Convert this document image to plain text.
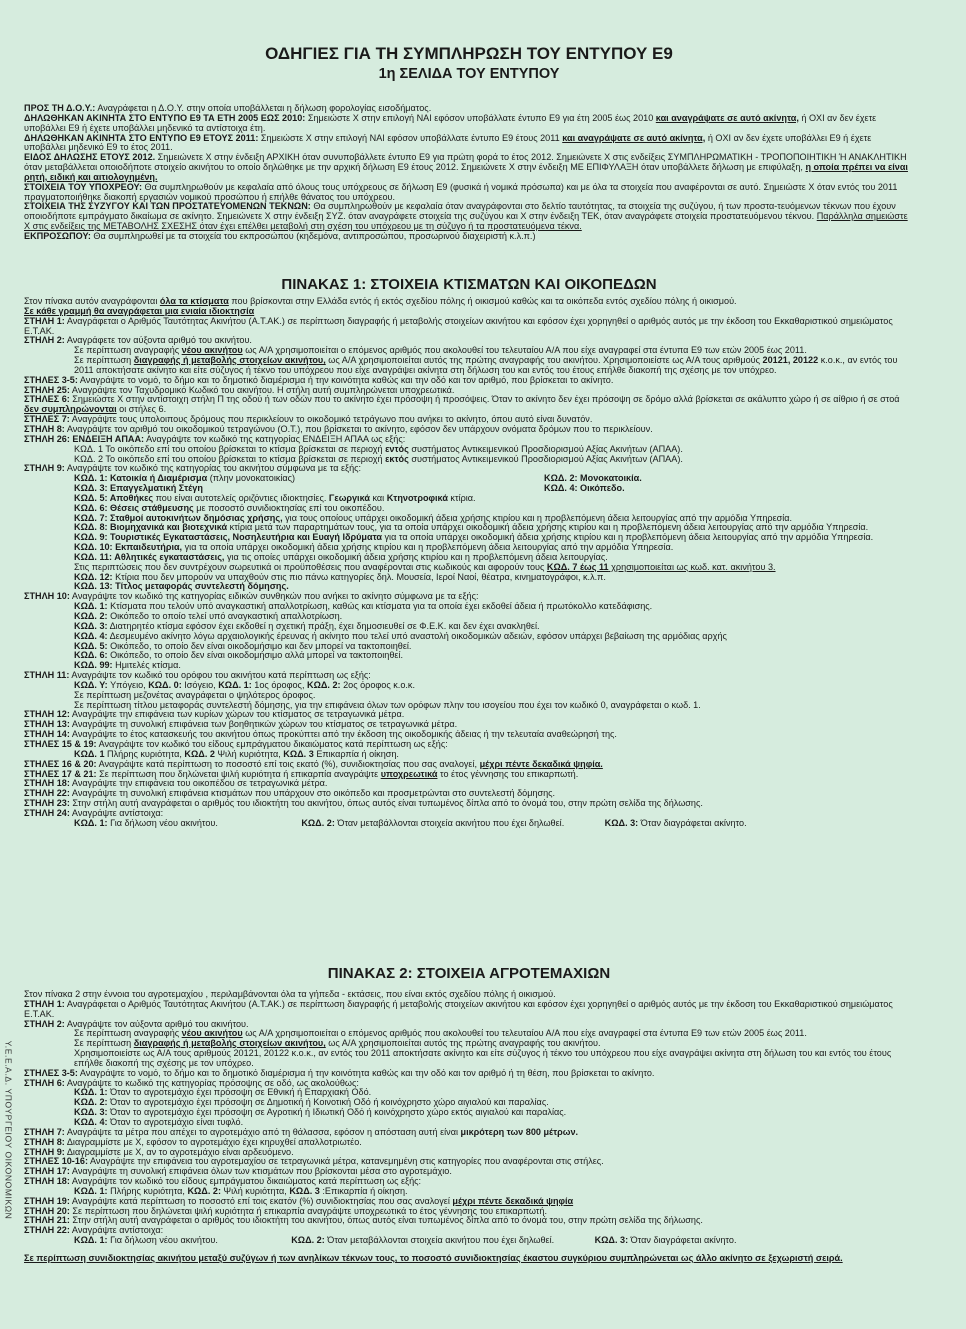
ΟΔΗΓΙΕΣ ΓΙΑ ΤΗ ΣΥΜΠΛΗΡΩΣΗ ΤΟΥ ΕΝΤΥΠΟΥ Ε9
1η ΣΕΛΙΔΑ ΤΟΥ ΕΝΤΥΠΟΥ

ΠΡΟΣ ΤΗ Δ.Ο.Υ.: Αναγράφεται η Δ.Ο.Υ. στην οποία υποβάλλεται η δήλωση φορολογίας εισοδήματος.

ΔΗΛΩΘΗΚΑΝ ΑΚΙΝΗΤΑ ΣΤΟ ΕΝΤΥΠΟ Ε9 ΤΑ ΕΤΗ 2005 ΕΩΣ 2010: Σημειώστε Χ στην επιλογή ΝΑΙ εφόσον υποβάλλατε έντυπο Ε9 για έτη 2005 έως 2010 και αναγράψατε σε αυτό ακίνητα, ή ΟΧΙ αν δεν έχετε υποβάλλει Ε9 ή έχετε υποβάλλει μηδενικό τα αντίστοιχα έτη.

ΔΗΛΩΘΗΚΑΝ ΑΚΙΝΗΤΑ ΣΤΟ ΕΝΤΥΠΟ Ε9 ΕΤΟΥΣ 2011: Σημειώστε Χ στην επιλογή ΝΑΙ εφόσον υποβάλλατε έντυπο Ε9 έτους 2011 και αναγράψατε σε αυτό ακίνητα, ή ΟΧΙ αν δεν έχετε υποβάλλει Ε9 ή έχετε υποβάλλει μηδενικό Ε9 το έτος 2011.

ΕΙΔΟΣ ΔΗΛΩΣΗΣ ΕΤΟΥΣ 2012. Σημειώνετε Χ στην ένδειξη ΑΡΧΙΚΗ όταν συνυποβάλλετε έντυπο Ε9 για πρώτη φορά το έτος 2012. Σημειώνετε Χ στις ενδείξεις ΣΥΜΠΛΗΡΩΜΑΤΙΚΗ - ΤΡΟΠΟΠΟΙΗΤΙΚΗ Ή ΑΝΑΚΛΗΤΙΚΗ όταν μεταβάλλεται οποιοδήποτε στοιχείο ακινήτου το οποίο δηλώθηκε με την αρχική δήλωση Ε9 έτους 2012. Σημειώνετε Χ στην ένδειξη ΜΕ ΕΠΙΦΥΛΑΞΗ όταν υποβάλλετε δήλωση με επιφύλαξη, η οποία πρέπει να είναι ρητή, ειδική και αιτιολογημένη.

ΣΤΟΙΧΕΙΑ ΤΟΥ ΥΠΟΧΡΕΟΥ: Θα συμπληρωθούν με κεφαλαία από όλους τους υπόχρεους σε δήλωση Ε9 (φυσικά ή νομικά πρόσωπα) και με όλα τα στοιχεία που αναφέρονται σε αυτό. Σημειώστε Χ όταν εντός του 2011 πραγματοποιήθηκε διακοπή εργασιών νομικού προσώπου ή επήλθε θάνατος του υπόχρεου.

ΣΤΟΙΧΕΙΑ ΤΗΣ ΣΥΖΥΓΟΥ ΚΑΙ ΤΩΝ ΠΡΟΣΤΑΤΕΥΟΜΕΝΩΝ ΤΕΚΝΩΝ: Θα συμπληρωθούν με κεφαλαία όταν αναγράφονται στο δελτίο ταυτότητας, τα στοιχεία της συζύγου, ή των προστα-τευόμενων τέκνων που έχουν οποιοδήποτε εμπράγματο δικαίωμα σε ακίνητο. Σημειώνετε Χ στην ένδειξη ΣΥΖ. όταν αναγράφετε στοιχεία της συζύγου και Χ στην ένδειξη ΤΕΚ, όταν αναγράφετε στοιχεία προστατευόμενου τέκνου. Παράλληλα σημειώστε Χ στις ενδείξεις της ΜΕΤΑΒΟΛΗΣ ΣΧΕΣΗΣ όταν έχει επέλθει μεταβολή στη σχέση του υπόχρεου με τη σύζυγο ή τα προστατευόμενα τέκνα.

ΕΚΠΡΟΣΩΠΟΥ: Θα συμπληρωθεί με τα στοιχεία του εκπροσώπου (κηδεμόνα, αντιπροσώπου, προσωρινού διαχειριστή κ.λ.π.)

ΠΙΝΑΚΑΣ 1: ΣΤΟΙΧΕΙΑ ΚΤΙΣΜΑΤΩΝ ΚΑΙ ΟΙΚΟΠΕΔΩΝ

Στον πίνακα αυτόν αναγράφονται όλα τα κτίσματα που βρίσκονται στην Ελλάδα εντός ή εκτός σχεδίου πόλης ή οικισμού καθώς και τα οικόπεδα εντός σχεδίου πόλης ή οικισμού.

Σε κάθε γραμμή θα αναγράφεται μια ενιαία ιδιοκτησία

ΣΤΗΛΗ 1: Αναγράφεται ο Αριθμός Ταυτότητας Ακινήτου (Α.Τ.ΑΚ.) σε περίπτωση διαγραφής ή μεταβολής στοιχείων ακινήτου και εφόσον έχει χορηγηθεί ο αριθμός αυτός με την έκδοση του Εκκαθαριστικού σημειώματος Ε.Τ.ΑΚ.

ΣΤΗΛΗ 2: Αναγράφετε τον αύξοντα αριθμό του ακινήτου.

Σε περίπτωση αναγραφής νέου ακινήτου ως Α/Α χρησιμοποιείται ο επόμενος αριθμός που ακολουθεί του τελευταίου Α/Α που είχε αναγραφεί στα έντυπα Ε9 των ετών 2005 έως 2011.

Σε περίπτωση διαγραφής ή μεταβολής στοιχείων ακινήτου, ως Α/Α χρησιμοποιείται αυτός της πρώτης αναγραφής του ακινήτου. Χρησιμοποιείστε ως Α/Α τους αριθμούς 20121, 20122 κ.ο.κ., αν εντός του 2011 αποκτήσατε ακίνητο και είτε σύζυγος ή τέκνο του υπόχρεου που είχε αναγράψει ακίνητα στη δήλωση του και εντός του έτους επήλθε διακοπή της σχέσης με τον υπόχρεο.

ΣΤΗΛΕΣ 3-5: Αναγράψτε το νομό, το δήμο και το δημοτικό διαμέρισμα ή την κοινότητα καθώς και την οδό και τον αριθμό, που βρίσκεται το ακίνητο.

ΣΤΗΛΗ 25: Αναγράψτε τον Ταχυδρομικό Κωδικό του ακινήτου. Η στήλη αυτή συμπληρώνεται υποχρεωτικά.

ΣΤΗΛΕΣ 6: Σημειώστε Χ στην αντίστοιχη στήλη Π της οδού ή των οδών που το ακίνητο έχει πρόσοψη ή προσόψεις. Όταν το ακίνητο δεν έχει πρόσοψη σε δρόμο αλλά βρίσκεται σε ακάλυπτο χώρο ή σε αίθριο ή σε στοά δεν συμπληρώνονται οι στήλες 6.

ΣΤΗΛΕΣ 7: Αναγράψτε τους υπολοιπους δρόμους που περικλείουν το οικοδομικό τετράγωνο που ανήκει το ακίνητο, όπου αυτό είναι δυνατόν.

ΣΤΗΛΗ 8: Αναγράψτε τον αριθμό του οικοδομικού τετραγώνου (Ο.Τ.), που βρίσκεται το ακίνητο, εφόσον δεν υπάρχουν ονόματα δρόμων που το περικλείουν.

ΣΤΗΛΗ 26: ΕΝΔΕΙΞΗ ΑΠΑΑ: Αναγράψτε τον κωδικό της κατηγορίας ΕΝΔΕΙΞΗ ΑΠΑΑ ως εξής:

ΚΩΔ. 1 Το οικόπεδο επί του οποίου βρίσκεται το κτίσμα βρίσκεται σε περιοχή εντός συστήματος Αντικειμενικού Προσδιορισμού Αξίας Ακινήτων (ΑΠΑΑ).

ΚΩΔ. 2 Το οικόπεδο επί του οποίου βρίσκεται το κτίσμα βρίσκεται σε περιοχή εκτός συστήματος Αντικειμενικού Προσδιορισμού Αξίας Ακινήτων (ΑΠΑΑ).

ΣΤΗΛΗ 9: Αναγράψτε τον κωδικό της κατηγορίας του ακινήτου σύμφωνα με τα εξής:

ΚΩΔ. 1: Κατοικία ή Διαμέρισμα (πλην μονοκατοικίας)	ΚΩΔ. 2: Μονοκατοικία.

ΚΩΔ. 3: Επαγγελματική Στέγη	ΚΩΔ. 4: Οικόπεδο.

ΚΩΔ. 5: Αποθήκες που είναι αυτοτελείς οριζόντιες ιδιοκτησίες. Γεωργικά και Κτηνοτροφικά κτίρια.

ΚΩΔ. 6: Θέσεις στάθμευσης με ποσοστό συνιδιοκτησίας επί του οικοπέδου.

ΚΩΔ. 7: Σταθμοί αυτοκινήτων δημόσιας χρήσης, για τους οποίους υπάρχει οικοδομική άδεια χρήσης κτιρίου και η προβλεπόμενη άδεια λειτουργίας από την αρμόδια Υπηρεσία.

ΚΩΔ. 8: Βιομηχανικά και βιοτεχνικά κτίρια μετά των παραρτημάτων τους, για τα οποία υπάρχει οικοδομική άδεια χρήσης κτιρίου και η προβλεπόμενη άδεια λειτουργίας από την αρμόδια Υπηρεσία.

ΚΩΔ. 9: Τουριστικές Εγκαταστάσεις, Νοσηλευτήρια και Ευαγή Ιδρύματα για τα οποία υπάρχει οικοδομική άδεια χρήσης κτιρίου και η προβλεπόμενη άδεια λειτουργίας από την αρμόδια Υπηρεσία.

ΚΩΔ. 10: Εκπαιδευτήρια, για τα οποία υπάρχει οικοδομική άδεια χρήσης κτιρίου και η προβλεπόμενη άδεια λειτουργίας από την αρμόδια Υπηρεσία.

ΚΩΔ. 11: Αθλητικές εγκαταστάσεις, για τις οποίες υπάρχει οικοδομική άδεια χρήσης κτιρίου και η προβλεπόμενη άδεια λειτουργίας.

Στις περιπτώσεις που δεν συντρέχουν σωρευτικά οι προϋποθέσεις που αναφέρονται στις κωδικούς και αφορούν τους ΚΩΔ. 7 έως 11 χρησιμοποιείται ως κωδ. κατ. ακινήτου 3.

ΚΩΔ. 12: Κτίρια που δεν μπορούν να υπαχθούν στις πιο πάνω κατηγορίες δηλ. Μουσεία, Ιεροί Ναοί, θέατρα, κινηματογράφοι, κ.λ.π.

ΚΩΔ. 13: Τίτλος μεταφοράς συντελεστή δόμησης.

ΣΤΗΛΗ 10: Αναγράψτε τον κωδικό της κατηγορίας ειδικών συνθηκών που ανήκει το ακίνητο σύμφωνα με τα εξής:

ΚΩΔ. 1: Κτίσματα που τελούν υπό αναγκαστική απαλλοτρίωση, καθώς και κτίσματα για τα οποία έχει εκδοθεί άδεια ή πρωτόκολλο κατεδάφισης.

ΚΩΔ. 2: Οικόπεδο το οποίο τελεί υπό αναγκαστική απαλλοτρίωση.

ΚΩΔ. 3: Διατηρητέο κτίσμα εφόσον έχει εκδοθεί η σχετική πράξη, έχει δημοσιευθεί σε Φ.Ε.Κ. και δεν έχει ανακληθεί.

ΚΩΔ. 4: Δεσμευμένο ακίνητο λόγω αρχαιολογικής έρευνας ή ακίνητο που τελεί υπό αναστολή οικοδομικών αδειών, εφόσον υπάρχει βεβαίωση της αρμόδιας αρχής

ΚΩΔ. 5: Οικόπεδο, το οποίο δεν είναι οικοδομήσιμο και δεν μπορεί να τακτοποιηθεί.

ΚΩΔ. 6: Οικόπεδο, το οποίο δεν είναι οικοδομήσιμο αλλά μπορεί να τακτοποιηθεί.

ΚΩΔ. 99: Ημιτελές κτίσμα.

ΣΤΗΛΗ 11: Αναγράψτε τον κωδικό του ορόφου του ακινήτου κατά περίπτωση ως εξής:

ΚΩΔ. Υ: Υπόγειο, ΚΩΔ. 0: Ισόγειο, ΚΩΔ. 1: 1ος όροφος, ΚΩΔ. 2: 2ος όροφος κ.ο.κ.

Σε περίπτωση μεζονέτας αναγράφεται ο ψηλότερος όροφος.

Σε περίπτωση τίτλου μεταφοράς συντελεστή δόμησης, για την επιφάνεια όλων των ορόφων πλην του ισογείου που έχει τον κωδικό 0, αναγράφεται ο κωδ. 1.

ΣΤΗΛΗ 12: Αναγράψτε την επιφάνεια των κυρίων χώρων του κτίσματος σε τετραγωνικά μέτρα.

ΣΤΗΛΗ 13: Αναγράψτε τη συνολική επιφάνεια των βοηθητικών χώρων του κτίσματος σε τετραγωνικά μέτρα.

ΣΤΗΛΗ 14: Αναγράψτε το έτος κατασκευής του ακινήτου όπως προκύπτει από την έκδοση της οικοδομικής άδειας ή την τελευταία αναθεώρησή της.

ΣΤΗΛΕΣ 15 & 19: Αναγράψτε τον κωδικό του είδους εμπράγματου δικαιώματος κατά περίπτωση ως εξής:

ΚΩΔ. 1 Πλήρης κυριότητα, ΚΩΔ. 2 Ψιλή κυριότητα, ΚΩΔ. 3 Επικαρπία ή οίκηση.

ΣΤΗΛΕΣ 16 & 20: Αναγράψτε κατά περίπτωση το ποσοστό επί τοις εκατό (%), συνιδιοκτησίας που σας αναλογεί, μέχρι πέντε δεκαδικά ψηφία.

ΣΤΗΛΕΣ 17 & 21: Σε περίπτωση που δηλώνεται ψιλή κυριότητα ή επικαρπία αναγράψτε υποχρεωτικά το έτος γέννησης του επικαρπωτή.

ΣΤΗΛΗ 18: Αναγράψτε την επιφάνεια του οικοπέδου σε τετραγωνικά μέτρα.

ΣΤΗΛΗ 22: Αναγράψτε τη συνολική επιφάνεια κτισμάτων που υπάρχουν στο οικόπεδο και προσμετρώνται στο συντελεστή δόμησης.

ΣΤΗΛΗ 23: Στην στήλη αυτή αναγράφεται ο αριθμός του ιδιοκτήτη του ακινήτου, όπως αυτός είναι τυπωμένος δίπλα από το όνομά του, στην πρώτη σελίδα της δήλωσης.

ΣΤΗΛΗ 24: Αναγράψτε αντίστοιχα:

ΚΩΔ. 1: Για δήλωση νέου ακινήτου.	ΚΩΔ. 2: Όταν μεταβάλλονται στοιχεία ακινήτου που έχει δηλωθεί.	ΚΩΔ. 3: Όταν διαγράφεται ακίνητο.

ΠΙΝΑΚΑΣ 2: ΣΤΟΙΧΕΙΑ ΑΓΡΟΤΕΜΑΧΙΩΝ

Στον πίνακα 2 στην έννοια του αγροτεμαχίου , περιλαμβάνονται όλα τα γήπεδα - εκτάσεις, που είναι εκτός σχεδίου πόλης ή οικισμού.

ΣΤΗΛΗ 1: Αναγράφεται ο Αριθμός Ταυτότητας Ακινήτου (Α.Τ.ΑΚ.) σε περίπτωση διαγραφής ή μεταβολής στοιχείων ακινήτου και εφόσον έχει χορηγηθεί ο αριθμός αυτός με την έκδοση του Εκκαθαριστικού σημειώματος Ε.Τ.ΑΚ.

ΣΤΗΛΗ 2: Αναγράψτε τον αύξοντα αριθμό του ακινήτου.

Σε περίπτωση αναγραφής νέου ακινήτου ως Α/Α χρησιμοποιείται ο επόμενος αριθμός που ακολουθεί του τελευταίου Α/Α που είχε αναγραφεί στα έντυπα Ε9 των ετών 2005 έως 2011.

Σε περίπτωση διαγραφής ή μεταβολής στοιχείων ακινήτου, ως Α/Α χρησιμοποιείται αυτός της πρώτης αναγραφής του ακινήτου.

Χρησιμοποιείστε ως Α/Α τους αριθμούς 20121, 20122 κ.ο.κ., αν εντός του 2011 αποκτήσατε ακίνητο και είτε σύζυγος ή τέκνο του υπόχρεου που είχε αναγράψει ακίνητα στη δήλωση του και εντός του έτους επήλθε διακοπή της σχέσης με τον υπόχρεο.

ΣΤΗΛΕΣ 3-5: Αναγράψτε το νομό, το δήμο και το δημοτικό διαμέρισμα ή την κοινότητα καθώς και την οδό και τον αριθμό ή τη θέση, που βρίσκεται το ακίνητο.

ΣΤΗΛΗ 6: Αναγράψτε το κωδικό της κατηγορίας πρόσοψης σε οδό, ως ακολούθως:

ΚΩΔ. 1: Όταν το αγροτεμάχιο έχει πρόσοψη σε Εθνική ή Επαρχιακή Οδό.

ΚΩΔ. 2: Όταν το αγροτεμάχιο έχει πρόσοψη σε Δημοτική ή Κοινοτική Οδό ή κοινόχρηστο χώρο αιγιαλού και παραλίας.

ΚΩΔ. 3: Όταν το αγροτεμάχιο έχει πρόσοψη σε Αγροτική ή Ιδιωτική Οδό ή κοινόχρηστο χώρο εκτός αιγιαλού και παραλίας.

ΚΩΔ. 4: Όταν το αγροτεμάχιο είναι τυφλό.

ΣΤΗΛΗ 7: Αναγράψτε τα μέτρα που απέχει το αγροτεμάχιο από τη θάλασσα, εφόσον η απόσταση αυτή είναι μικρότερη των 800 μέτρων.

ΣΤΗΛΗ 8: Διαγραμμίστε με Χ, εφόσον το αγροτεμάχιο έχει κηρυχθεί απαλλοτριωτέο.

ΣΤΗΛΗ 9: Διαγραμμίστε με Χ, αν το αγροτεμάχιο είναι αρδευόμενο.

ΣΤΗΛΕΣ 10-16: Αναγράψτε την επιφάνεια του αγροτεμαχίου σε τετραγωνικά μέτρα, κατανεμημένη στις κατηγορίες που αναφέρονται στις στήλες.

ΣΤΗΛΗ 17: Αναγράψτε τη συνολική επιφάνεια όλων των κτισμάτων που βρίσκονται μέσα στο αγροτεμάχιο.

ΣΤΗΛΗ 18: Αναγράψτε τον κωδικό του είδους εμπράγματου δικαιώματος κατά περίπτωση ως εξής:

ΚΩΔ. 1: Πλήρης κυριότητα, ΚΩΔ. 2: Ψιλή κυριότητα, ΚΩΔ. 3 :Επικαρπία ή οίκηση.

ΣΤΗΛΗ 19: Αναγράψτε κατά περίπτωση το ποσοστό επί τοις εκατόν (%) συνιδιοκτησίας που σας αναλογεί μέχρι πέντε δεκαδικά ψηφία

ΣΤΗΛΗ 20: Σε περίπτωση που δηλώνεται ψιλή κυριότητα ή επικαρπία αναγράψτε υποχρεωτικά το έτος γέννησης του επικαρπωτή.

ΣΤΗΛΗ 21: Στην στήλη αυτή αναγράφεται ο αριθμός του ιδιοκτήτη του ακινήτου, όπως αυτός είναι τυπωμένος δίπλα από το όνομά του, στην πρώτη σελίδα της δήλωσης.

ΣΤΗΛΗ 22: Αναγράψτε αντίστοιχα:

ΚΩΔ. 1: Για δήλωση νέου ακινήτου.	ΚΩΔ. 2: Όταν μεταβάλλονται στοιχεία ακινήτου που έχει δηλωθεί.	ΚΩΔ. 3: Όταν διαγράφεται ακίνητο.

Σε περίπτωση συνιδιοκτησίας ακινήτου μεταξύ συζύγων ή των ανηλίκων τέκνων τους, το ποσοστό συνιδιοκτησίας έκαστου συγκύριου συμπληρώνεται ως άλλο ακίνητο σε ξεχωριστή σειρά.

Υ.Ε.Ε.Α.Δ. ΥΠΟΥΡΓΕΙΟΥ ΟΙΚΟΝΟΜΙΚΩΝ
